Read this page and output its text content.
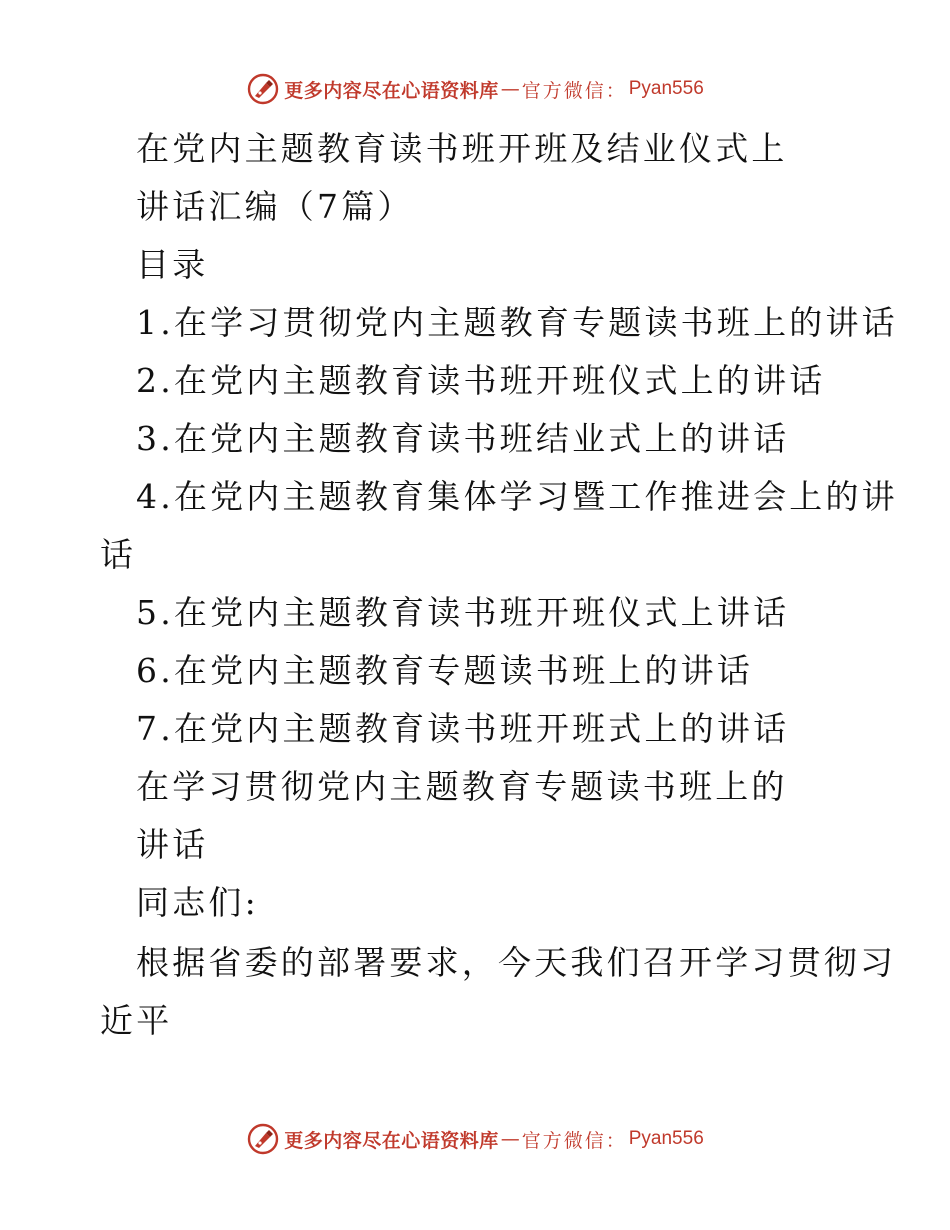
更多内容尽在心语资料库 — 官方微信： Pyan556
在党内主题教育读书班开班及结业仪式上
讲话汇编（7篇）
目录
1.在学习贯彻党内主题教育专题读书班上的讲话
2.在党内主题教育读书班开班仪式上的讲话
3.在党内主题教育读书班结业式上的讲话
4.在党内主题教育集体学习暨工作推进会上的讲
话
5.在党内主题教育读书班开班仪式上讲话
6.在党内主题教育专题读书班上的讲话
7.在党内主题教育读书班开班式上的讲话
在学习贯彻党内主题教育专题读书班上的
讲话
同志们:
根据省委的部署要求，今天我们召开学习贯彻习
近平
更多内容尽在心语资料库 — 官方微信： Pyan556
